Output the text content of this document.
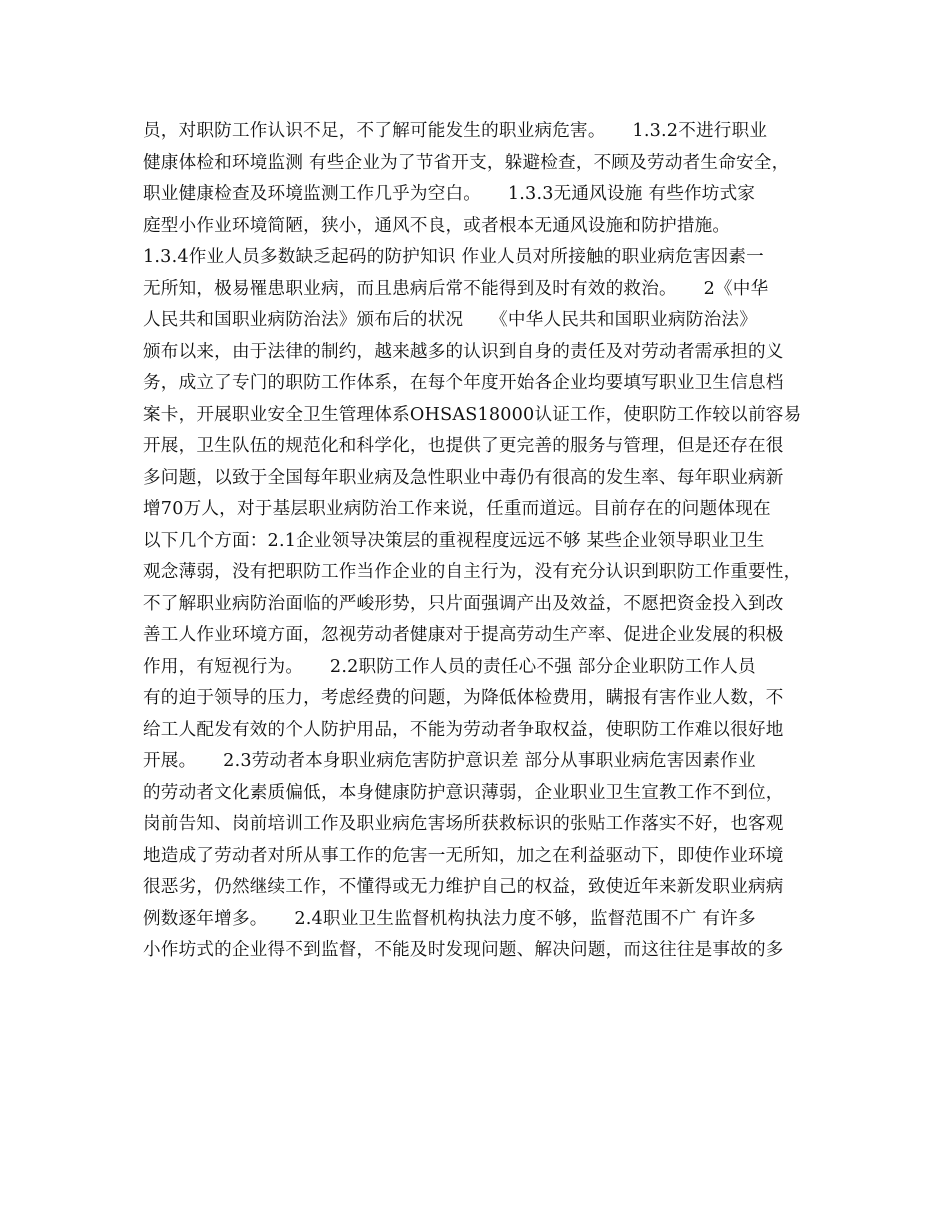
员，对职防工作认识不足，不了解可能发生的职业病危害。　　1.3.2不进行职业
健康体检和环境监测 有些企业为了节省开支，躲避检查，不顾及劳动者生命安全，
职业健康检查及环境监测工作几乎为空白。　　1.3.3无通风设施 有些作坊式家
庭型小作业环境简陋，狭小，通风不良，或者根本无通风设施和防护措施。
1.3.4作业人员多数缺乏起码的防护知识 作业人员对所接触的职业病危害因素一
无所知，极易罹患职业病，而且患病后常不能得到及时有效的救治。　　2《中华
人民共和国职业病防治法》颁布后的状况　　《中华人民共和国职业病防治法》
颁布以来，由于法律的制约，越来越多的认识到自身的责任及对劳动者需承担的义
务，成立了专门的职防工作体系，在每个年度开始各企业均要填写职业卫生信息档
案卡，开展职业安全卫生管理体系OHSAS18000认证工作，使职防工作较以前容易
开展，卫生队伍的规范化和科学化，也提供了更完善的服务与管理，但是还存在很
多问题，以致于全国每年职业病及急性职业中毒仍有很高的发生率、每年职业病新
增70万人，对于基层职业病防治工作来说，任重而道远。目前存在的问题体现在
以下几个方面：2.1企业领导决策层的重视程度远远不够 某些企业领导职业卫生
观念薄弱，没有把职防工作当作企业的自主行为，没有充分认识到职防工作重要性，
不了解职业病防治面临的严峻形势，只片面强调产出及效益，不愿把资金投入到改
善工人作业环境方面，忽视劳动者健康对于提高劳动生产率、促进企业发展的积极
作用，有短视行为。　　2.2职防工作人员的责任心不强 部分企业职防工作人员
有的迫于领导的压力，考虑经费的问题，为降低体检费用，瞒报有害作业人数，不
给工人配发有效的个人防护用品，不能为劳动者争取权益，使职防工作难以很好地
开展。　　2.3劳动者本身职业病危害防护意识差 部分从事职业病危害因素作业
的劳动者文化素质偏低，本身健康防护意识薄弱，企业职业卫生宣教工作不到位，
岗前告知、岗前培训工作及职业病危害场所获救标识的张贴工作落实不好，也客观
地造成了劳动者对所从事工作的危害一无所知，加之在利益驱动下，即使作业环境
很恶劣，仍然继续工作，不懂得或无力维护自己的权益，致使近年来新发职业病病
例数逐年增多。　　2.4职业卫生监督机构执法力度不够，监督范围不广 有许多
小作坊式的企业得不到监督，不能及时发现问题、解决问题，而这往往是事故的多
